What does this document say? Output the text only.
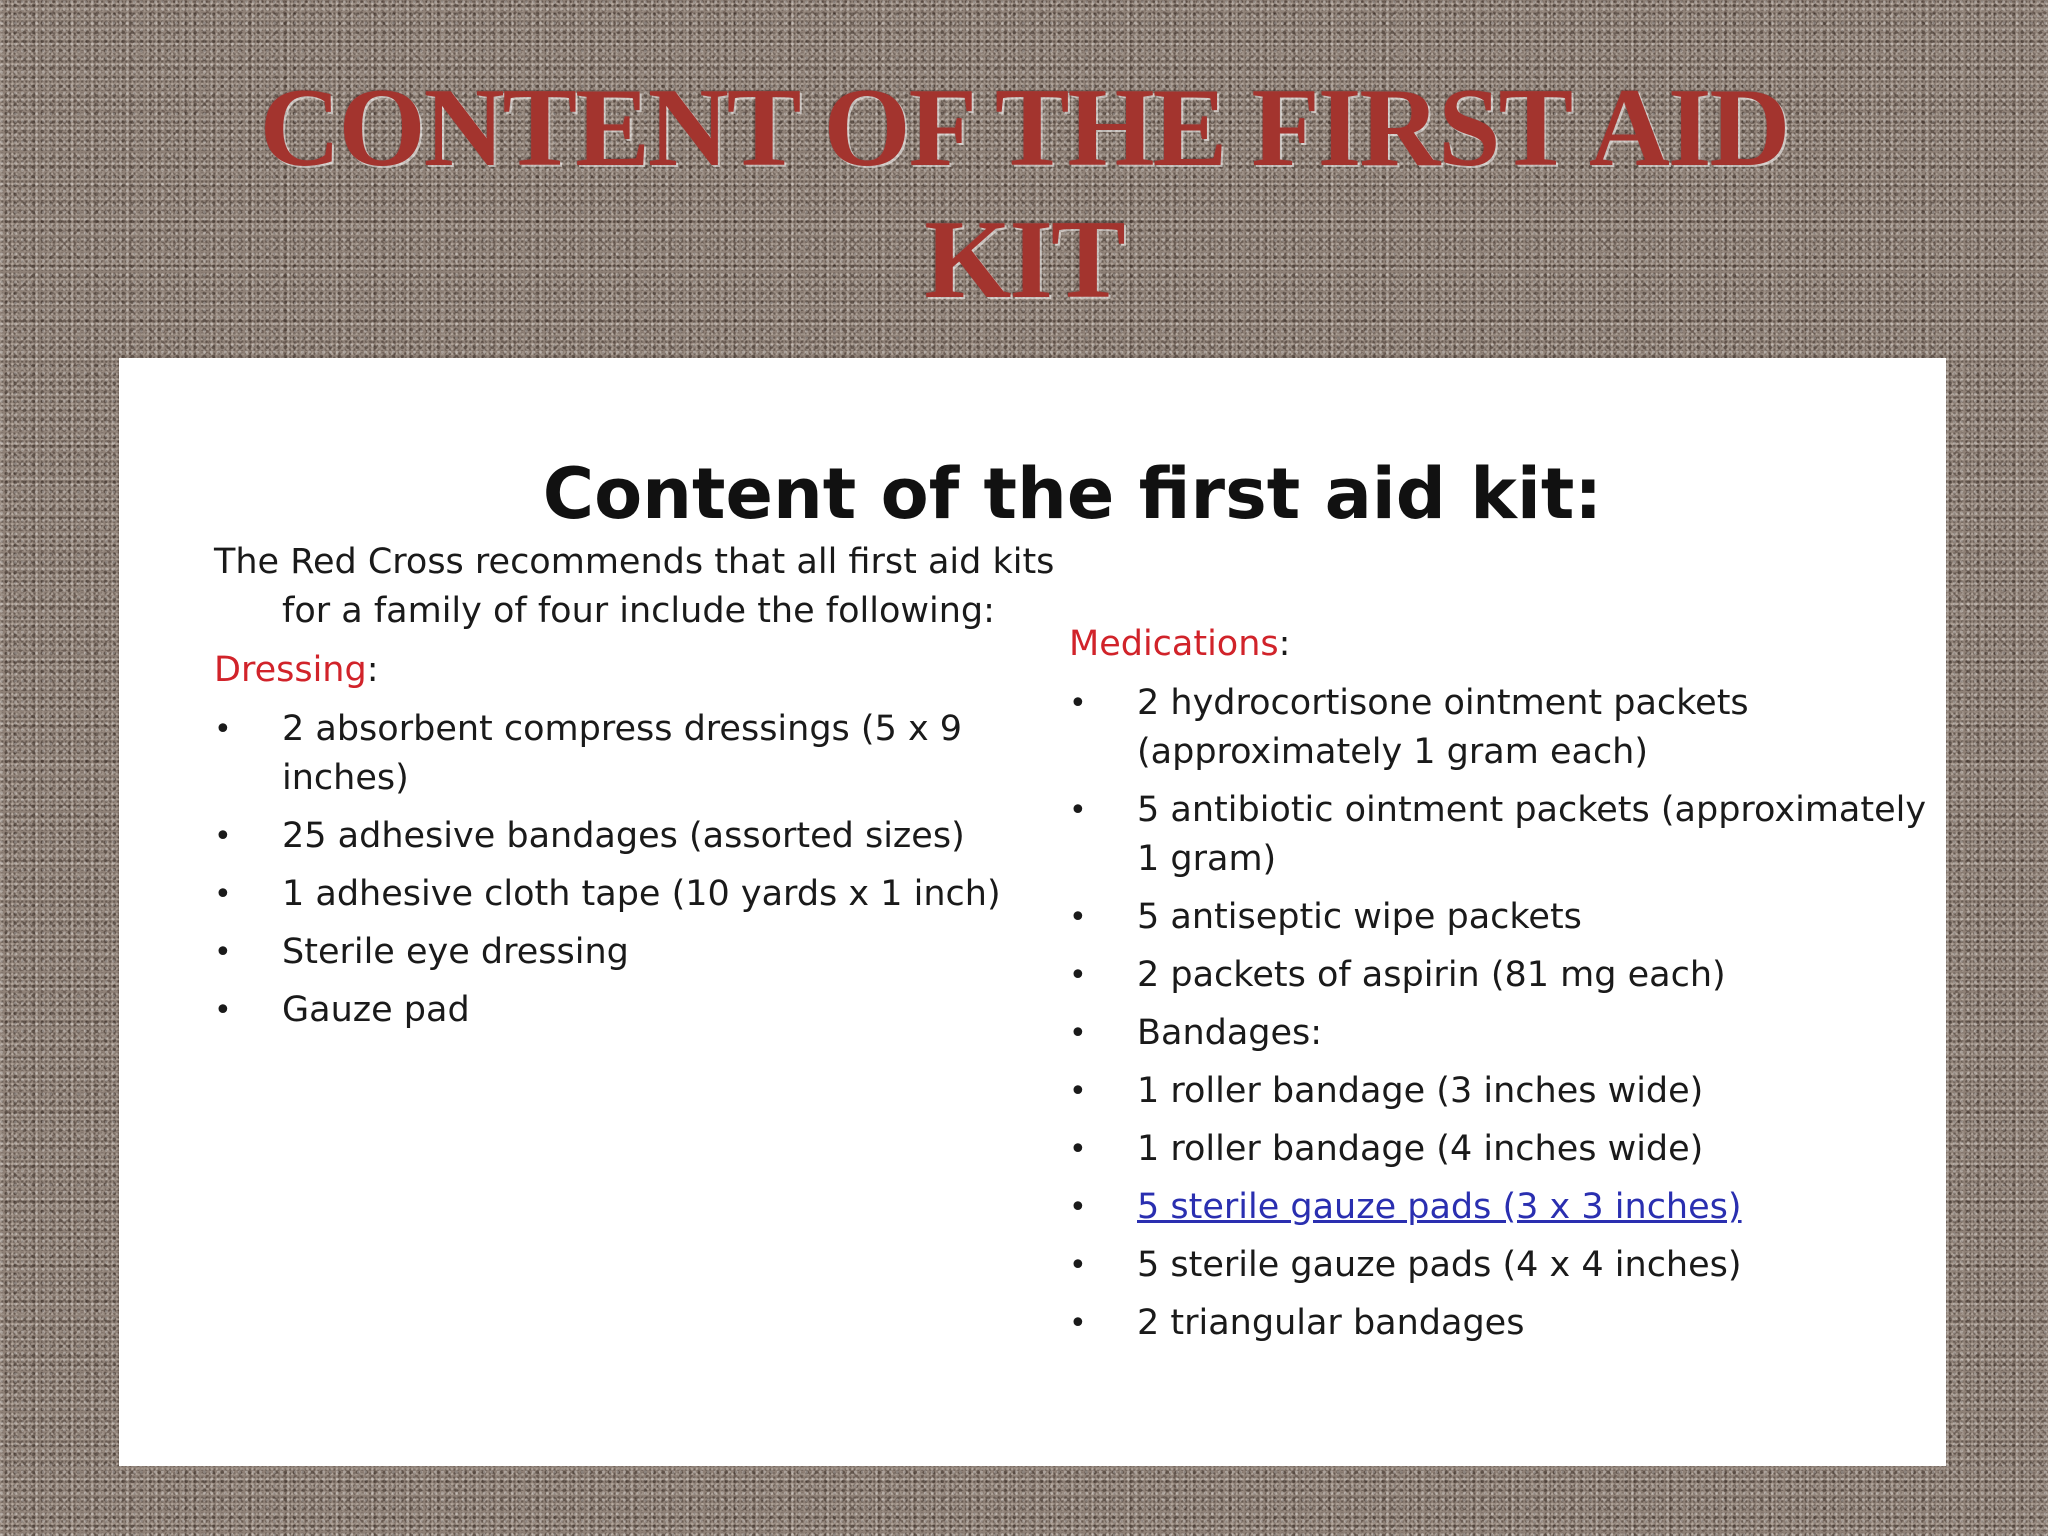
CONTENT OF THE FIRST AID
KIT
Content of the first aid kit:

The Red Cross recommends that all first aid kits for a family of four include the following:

Dressing:

• 2 absorbent compress dressings (5 x 9 inches)
• 25 adhesive bandages (assorted sizes)
• 1 adhesive cloth tape (10 yards x 1 inch)
• Sterile eye dressing
• Gauze pad

Medications:

• 2 hydrocortisone ointment packets (approximately 1 gram each)
• 5 antibiotic ointment packets (approximately 1 gram)
• 5 antiseptic wipe packets
• 2 packets of aspirin (81 mg each)
• Bandages:
• 1 roller bandage (3 inches wide)
• 1 roller bandage (4 inches wide)
• 5 sterile gauze pads (3 x 3 inches)
• 5 sterile gauze pads (4 x 4 inches)
• 2 triangular bandages
